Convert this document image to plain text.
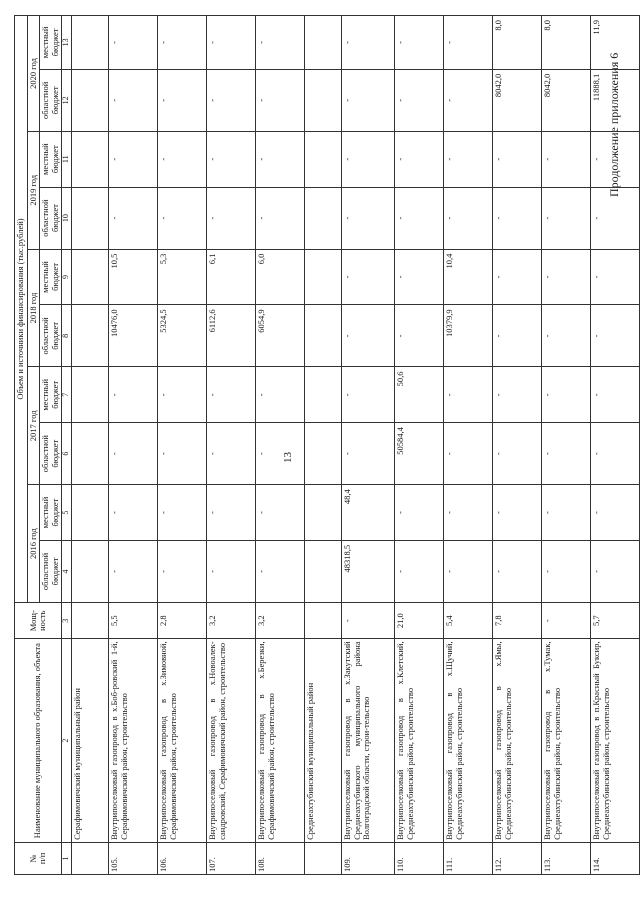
13
Продолжение приложения 6
№
п/п	Наименование муниципального образования, объекта	Мощ-ность	Объем и источники финансирования (тыс.рублей)									
			2016 год		2017 год		2018 год		2019 год		2020 год	
			областной бюджет	местный бюджет	областной бюджет	местный бюджет	областной бюджет	местный бюджет	областной бюджет	местный бюджет	областной бюджет	местный бюджет
1	2	3	4	5	6	7	8	9	10	11	12	13
	Серафимовичский муниципальный район											
105.	Внутрипоселковый газопровод в х.Боб-ровский 1-й, Серафимовичский район, строительство	5,5	-	-	-	-	10476,0	10,5	-	-	-	-
106.	Внутрипоселковый газопровод в х.Зимовной, Серафимовичский район, строительство	2,8	-	-	-	-	5324,5	5,3	-	-	-	-
107.	Внутрипоселковый газопровод в х.Новоалек-сандровский, Серафимовичский район, строительство	3,2	-	-	-	-	6112,6	6,1	-	-	-	-
108.	Внутрипоселковый газопровод в х.Березки, Серафимовичский район, строительство	3,2	-	-	-	-	6054,9	6,0	-	-	-	-
	Среднеахтубинский муниципальный район											
109.	Внутрипоселковый газопровод в х.Закутский Среднеахтубинского муниципального района Волгоградской области, строи-тельство	-	48318,5	48,4	-	-	-	-	-	-	-	-
110.	Внутрипоселковый газопровод в х.Клетский, Среднеахтубинский район, строительство	21,0	-	-	50584,4	50,6	-	-	-	-	-	-
111.	Внутрипоселковый газопровод в х.Щучий, Среднеахтубинский район, строительство	5,4	-	-	-	-	10379,9	10,4	-	-	-	-
112.	Внутрипоселковый газопровод в х.Ямы, Среднеахтубинский район, строительство	7,8	-	-	-	-	-	-	-	-	8042,0	8,0
113.	Внутрипоселковый газопровод в х.Тумак, Среднеахтубинский район, строительство	-	-	-	-	-	-	-	-	-	8042,0	8,0
114.	Внутрипоселковый газопровод в п.Красный Буксир, Среднеахтубинский район, строительство	5,7	-	-	-	-	-	-	-	-	11888,1	11,9
